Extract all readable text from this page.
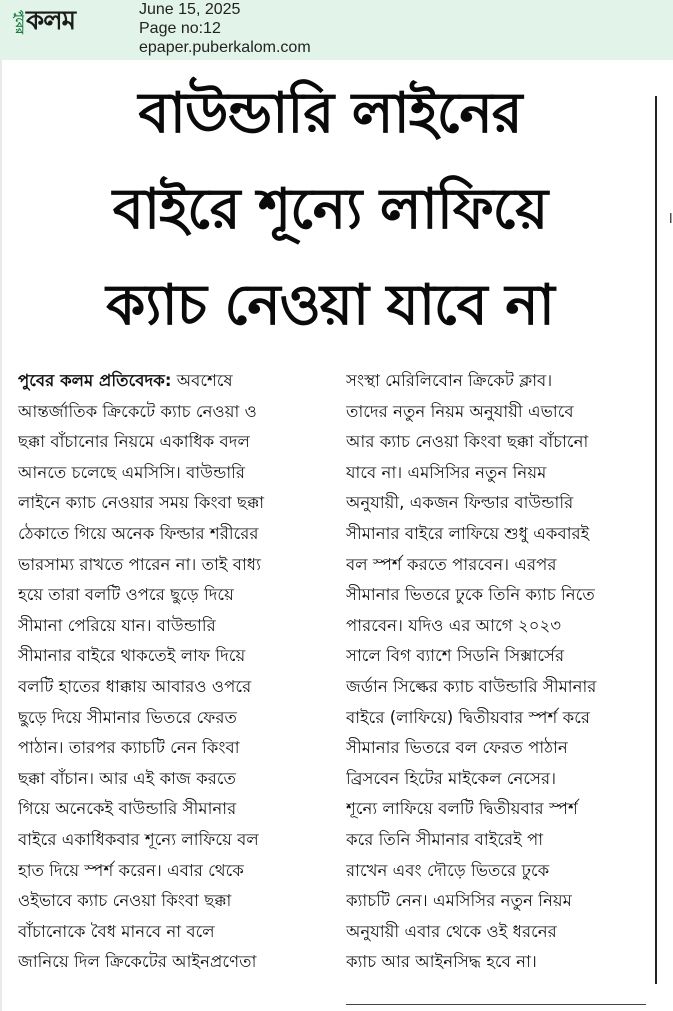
পুবের কলম	June 15, 2025
Page no:12
epaper.puberkalom.com
।
বাউন্ডারি লাইনের
বাইরে শূন্যে লাফিয়ে
ক্যাচ নেওয়া যাবে না
পুবের কলম প্রতিবেদক: অবশেষে
আন্তর্জাতিক ক্রিকেটে ক্যাচ নেওয়া ও
ছক্কা বাঁচানোর নিয়মে একাধিক বদল
আনতে চলেছে এমসিসি। বাউন্ডারি
লাইনে ক্যাচ নেওয়ার সময় কিংবা ছক্কা
ঠেকাতে গিয়ে অনেক ফিল্ডার শরীরের
ভারসাম্য রাখতে পারেন না। তাই বাধ্য
হয়ে তারা বলটি ওপরে ছুড়ে দিয়ে
সীমানা পেরিয়ে যান। বাউন্ডারি
সীমানার বাইরে থাকতেই লাফ দিয়ে
বলটি হাতের ধাক্কায় আবারও ওপরে
ছুড়ে দিয়ে সীমানার ভিতরে ফেরত
পাঠান। তারপর ক্যাচটি নেন কিংবা
ছক্কা বাঁচান। আর এই কাজ করতে
গিয়ে অনেকেই বাউন্ডারি সীমানার
বাইরে একাধিকবার শূন্যে লাফিয়ে বল
হাত দিয়ে স্পর্শ করেন। এবার থেকে
ওইভাবে ক্যাচ নেওয়া কিংবা ছক্কা
বাঁচানোকে বৈধ মানবে না বলে
জানিয়ে দিল ক্রিকেটের আইনপ্রণেতা
সংস্থা মেরিলিবোন ক্রিকেট ক্লাব।
তাদের নতুন নিয়ম অনুযায়ী এভাবে
আর ক্যাচ নেওয়া কিংবা ছক্কা বাঁচানো
যাবে না। এমসিসির নতুন নিয়ম
অনুযায়ী, একজন ফিল্ডার বাউন্ডারি
সীমানার বাইরে লাফিয়ে শুধু একবারই
বল স্পর্শ করতে পারবেন। এরপর
সীমানার ভিতরে ঢুকে তিনি ক্যাচ নিতে
পারবেন। যদিও এর আগে ২০২৩
সালে বিগ ব্যাশে সিডনি সিক্সার্সের
জর্ডান সিল্কের ক্যাচ বাউন্ডারি সীমানার
বাইরে (লাফিয়ে) দ্বিতীয়বার স্পর্শ করে
সীমানার ভিতরে বল ফেরত পাঠান
ব্রিসবেন হিটের মাইকেল নেসের।
শূন্যে লাফিয়ে বলটি দ্বিতীয়বার স্পর্শ
করে তিনি সীমানার বাইরেই পা
রাখেন এবং দৌড়ে ভিতরে ঢুকে
ক্যাচটি নেন। এমসিসির নতুন নিয়ম
অনুযায়ী এবার থেকে ওই ধরনের
ক্যাচ আর আইনসিদ্ধ হবে না।
